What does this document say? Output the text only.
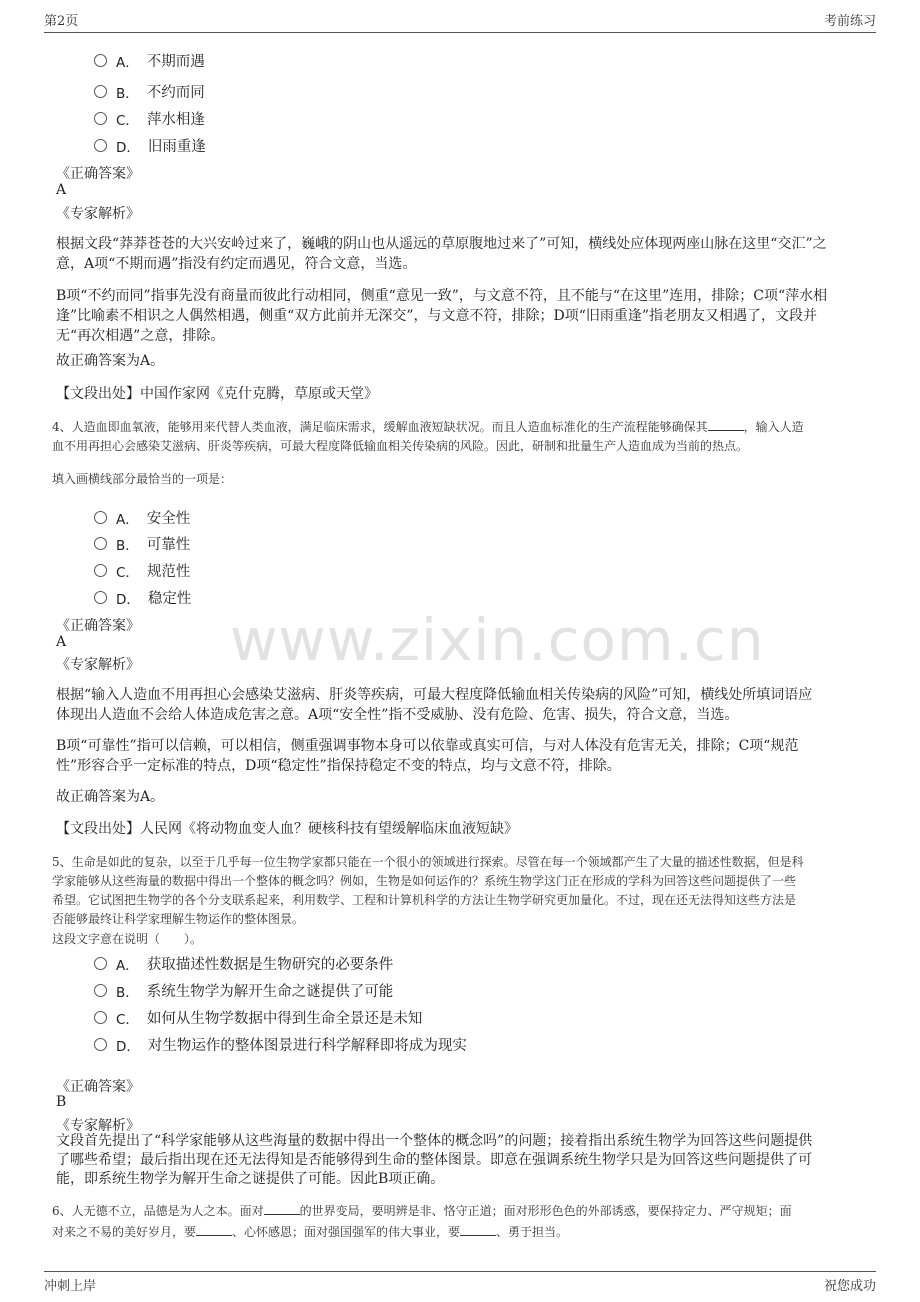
第2页	考前练习
www.zixin.com.cn
A． 不期而遇
B． 不约而同
C． 萍水相逢
D． 旧雨重逢
《正确答案》
A
《专家解析》
根据文段“莽莽苍苍的大兴安岭过来了，巍峨的阴山也从遥远的草原腹地过来了”可知，横线处应体现两座山脉在这里“交汇”之
意，A项“不期而遇”指没有约定而遇见，符合文意，当选。
B项“不约而同”指事先没有商量而彼此行动相同，侧重“意见一致”，与文意不符，且不能与“在这里”连用，排除；C项“萍水相
逢”比喻素不相识之人偶然相遇，侧重“双方此前并无深交”，与文意不符，排除；D项“旧雨重逢”指老朋友又相遇了，文段并
无“再次相遇”之意，排除。
故正确答案为A。
【文段出处】中国作家网《克什克腾，草原或天堂》
4、人造血即血氧液，能够用来代替人类血液，满足临床需求，缓解血液短缺状况。而且人造血标准化的生产流程能够确保其	，输入人造
血不用再担心会感染艾滋病、肝炎等疾病，可最大程度降低输血相关传染病的风险。因此，研制和批量生产人造血成为当前的热点。
填入画横线部分最恰当的一项是：
A． 安全性
B． 可靠性
C． 规范性
D． 稳定性
《正确答案》
A
《专家解析》
根据“输入人造血不用再担心会感染艾滋病、肝炎等疾病，可最大程度降低输血相关传染病的风险”可知，横线处所填词语应
体现出人造血不会给人体造成危害之意。A项“安全性”指不受威胁、没有危险、危害、损失，符合文意，当选。
B项“可靠性”指可以信赖，可以相信，侧重强调事物本身可以依靠或真实可信，与对人体没有危害无关，排除；C项“规范
性”形容合乎一定标准的特点，D项“稳定性”指保持稳定不变的特点，均与文意不符，排除。
故正确答案为A。
【文段出处】人民网《将动物血变人血？硬核科技有望缓解临床血液短缺》
5、生命是如此的复杂，以至于几乎每一位生物学家都只能在一个很小的领域进行探索。尽管在每一个领域都产生了大量的描述性数据，但是科
学家能够从这些海量的数据中得出一个整体的概念吗？例如，生物是如何运作的？系统生物学这门正在形成的学科为回答这些问题提供了一些
希望。它试图把生物学的各个分支联系起来，利用数学、工程和计算机科学的方法让生物学研究更加量化。不过，现在还无法得知这些方法是
否能够最终让科学家理解生物运作的整体图景。
这段文字意在说明（　　）。
A． 获取描述性数据是生物研究的必要条件
B． 系统生物学为解开生命之谜提供了可能
C． 如何从生物学数据中得到生命全景还是未知
D． 对生物运作的整体图景进行科学解释即将成为现实
《正确答案》
B
《专家解析》
文段首先提出了“科学家能够从这些海量的数据中得出一个整体的概念吗”的问题；接着指出系统生物学为回答这些问题提供
了哪些希望；最后指出现在还无法得知是否能够得到生命的整体图景。即意在强调系统生物学只是为回答这些问题提供了可
能，即系统生物学为解开生命之谜提供了可能。因此B项正确。
6、人无德不立，品德是为人之本。面对	的世界变局，要明辨是非、恪守正道；面对形形色色的外部诱惑，要保持定力、严守规矩；面
对来之不易的美好岁月，要	、心怀感恩；面对强国强军的伟大事业，要	、勇于担当。
冲刺上岸	祝您成功
